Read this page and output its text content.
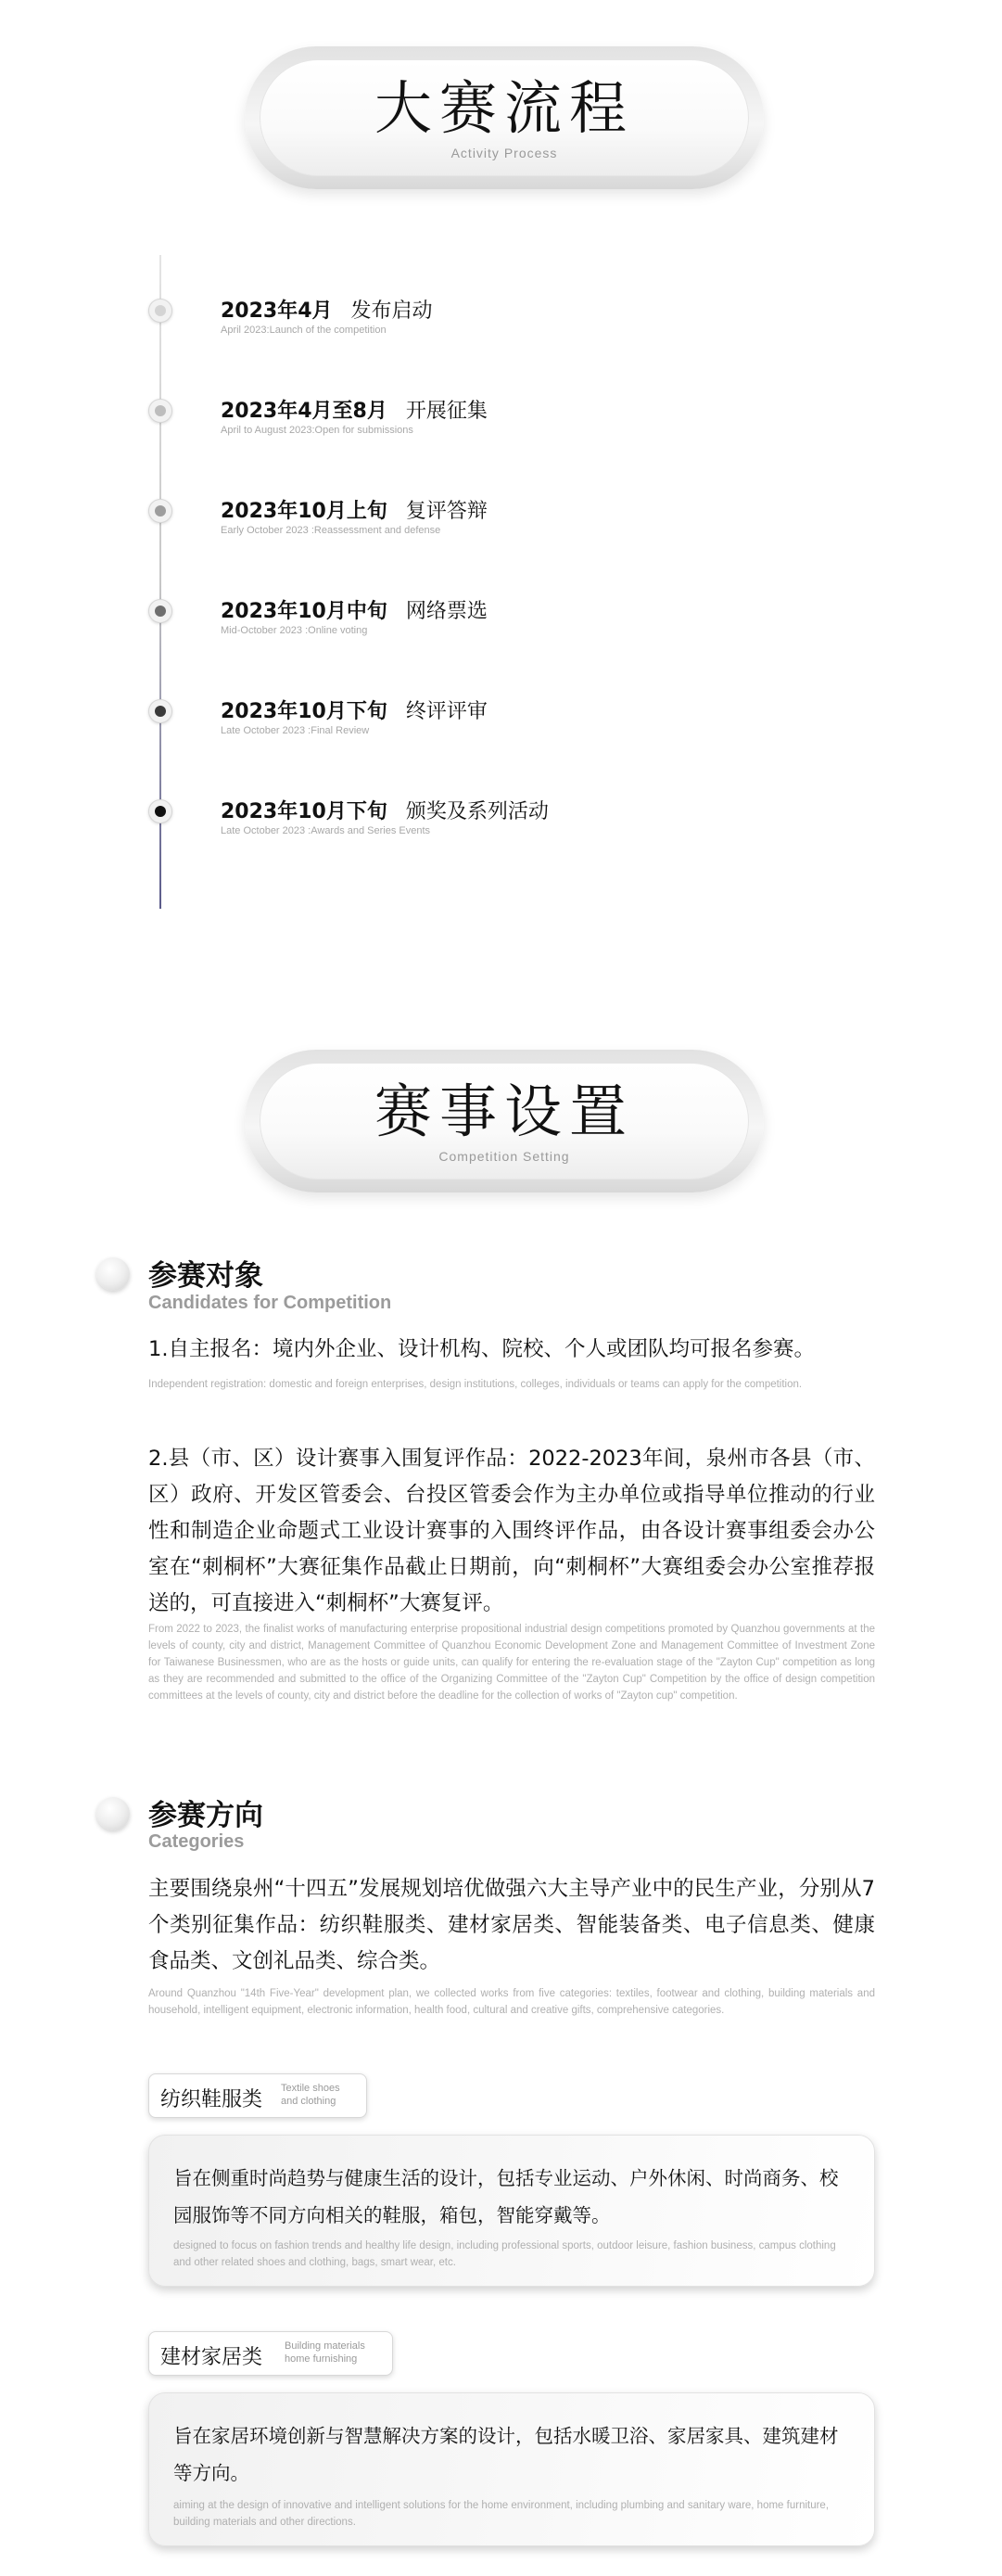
大赛流程
Activity Process
2023年4月 发布启动
April 2023:Launch of the competition
2023年4月至8月 开展征集
April to August 2023:Open for submissions
2023年10月上旬 复评答辩
Early October 2023 :Reassessment and defense
2023年10月中旬 网络票选
Mid-October 2023 :Online voting
2023年10月下旬 终评评审
Late October 2023 :Final Review
2023年10月下旬 颁奖及系列活动
Late October 2023 :Awards and Series Events
赛事设置
Competition Setting
参赛对象
Candidates for Competition
1.自主报名：境内外企业、设计机构、院校、个人或团队均可报名参赛。
Independent registration: domestic and foreign enterprises, design institutions, colleges, individuals or teams can apply for the competition.
2.县（市、区）设计赛事入围复评作品：2022-2023年间，泉州市各县（市、区）政府、开发区管委会、台投区管委会作为主办单位或指导单位推动的行业性和制造企业命题式工业设计赛事的入围终评作品，由各设计赛事组委会办公室在“刺桐杯”大赛征集作品截止日期前，向“刺桐杯”大赛组委会办公室推荐报送的，可直接进入“刺桐杯”大赛复评。
From 2022 to 2023, the finalist works of manufacturing enterprise propositional industrial design competitions promoted by Quanzhou governments at the levels of county, city and district, Management Committee of Quanzhou Economic Development Zone and Management Committee of Investment Zone for Taiwanese Businessmen, who are as the hosts or guide units, can qualify for entering the re-evaluation stage of the "Zayton Cup" competition as long as they are recommended and submitted to the office of the Organizing Committee of the "Zayton Cup" Competition by the office of design competition committees at the levels of county, city and district before the deadline for the collection of works of "Zayton cup" competition.
参赛方向
Categories
主要围绕泉州“十四五”发展规划培优做强六大主导产业中的民生产业，分别从7个类别征集作品：纺织鞋服类、建材家居类、智能装备类、电子信息类、健康食品类、文创礼品类、综合类。
Around Quanzhou "14th Five-Year" development plan, we collected works from five categories: textiles, footwear and clothing, building materials and household, intelligent equipment, electronic information, health food, cultural and creative gifts, comprehensive categories.
纺织鞋服类 Textile shoes
and clothing
旨在侧重时尚趋势与健康生活的设计，包括专业运动、户外休闲、时尚商务、校园服饰等不同方向相关的鞋服，箱包，智能穿戴等。
designed to focus on fashion trends and healthy life design, including professional sports, outdoor leisure, fashion business, campus clothing and other related shoes and clothing, bags, smart wear, etc.
建材家居类 Building materials
home furnishing
旨在家居环境创新与智慧解决方案的设计，包括水暖卫浴、家居家具、建筑建材等方向。
aiming at the design of innovative and intelligent solutions for the home environment, including plumbing and sanitary ware, home furniture, building materials and other directions.
